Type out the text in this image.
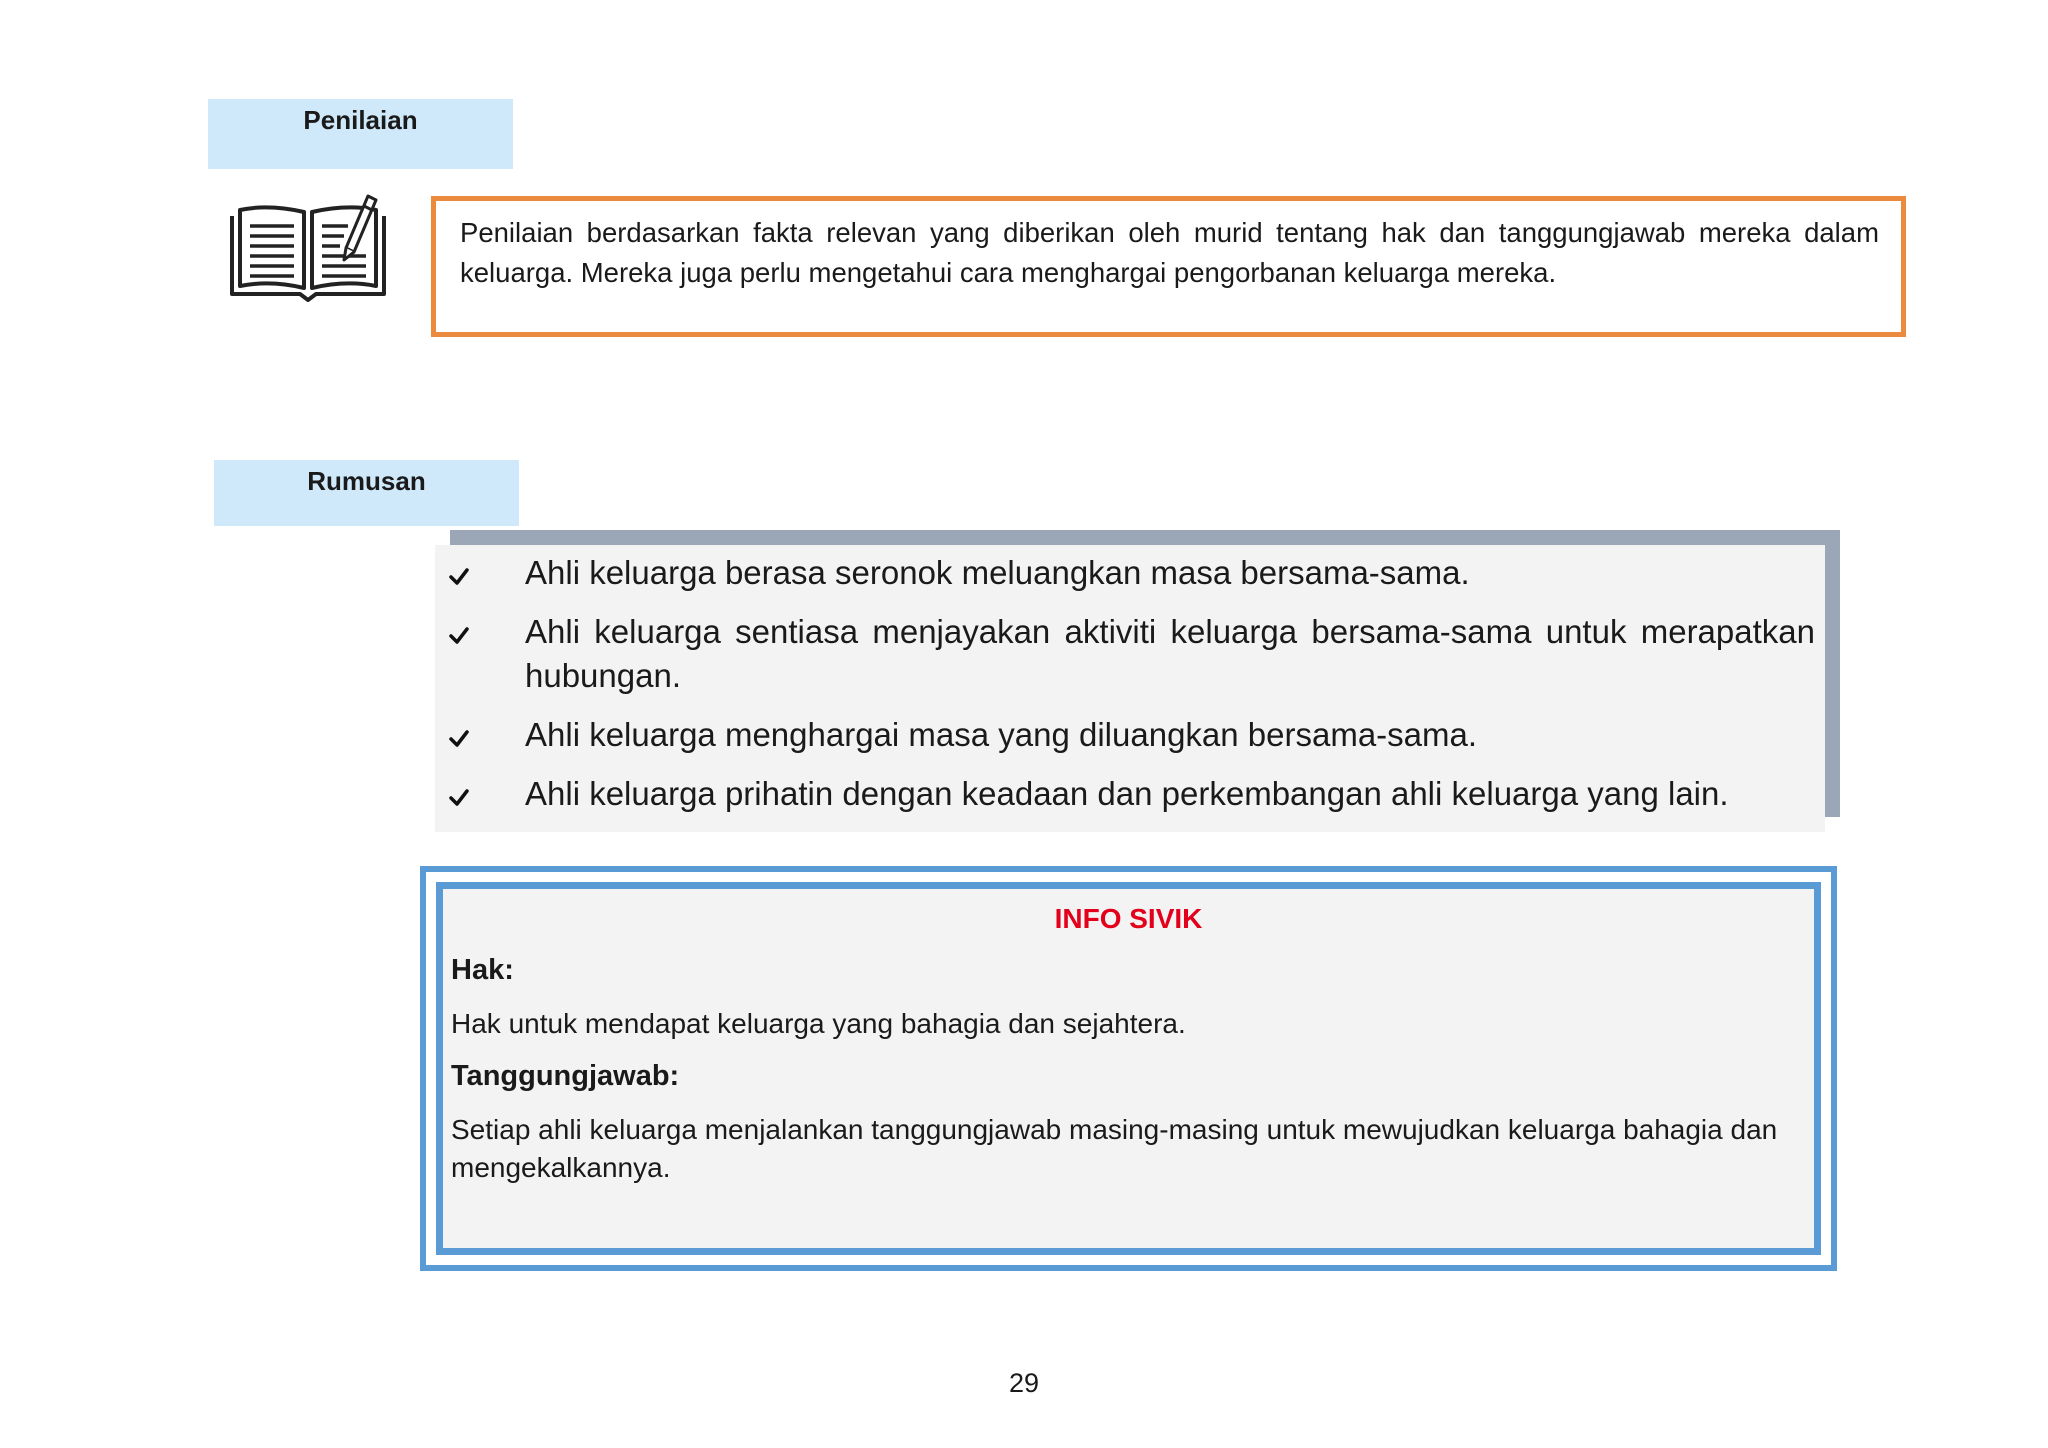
Penilaian
Penilaian berdasarkan fakta relevan yang diberikan oleh murid tentang hak dan tanggungjawab mereka dalam keluarga. Mereka juga perlu mengetahui cara menghargai pengorbanan keluarga mereka.
Rumusan
Ahli keluarga berasa seronok meluangkan masa bersama-sama.
Ahli keluarga sentiasa menjayakan aktiviti keluarga bersama-sama untuk merapatkan hubungan.
Ahli keluarga menghargai masa yang diluangkan bersama-sama.
Ahli keluarga prihatin dengan keadaan dan perkembangan ahli keluarga yang lain.
INFO SIVIK
Hak:
Hak untuk mendapat keluarga yang bahagia dan sejahtera.
Tanggungjawab:
Setiap ahli keluarga menjalankan tanggungjawab masing-masing untuk mewujudkan keluarga bahagia dan   mengekalkannya.
29
